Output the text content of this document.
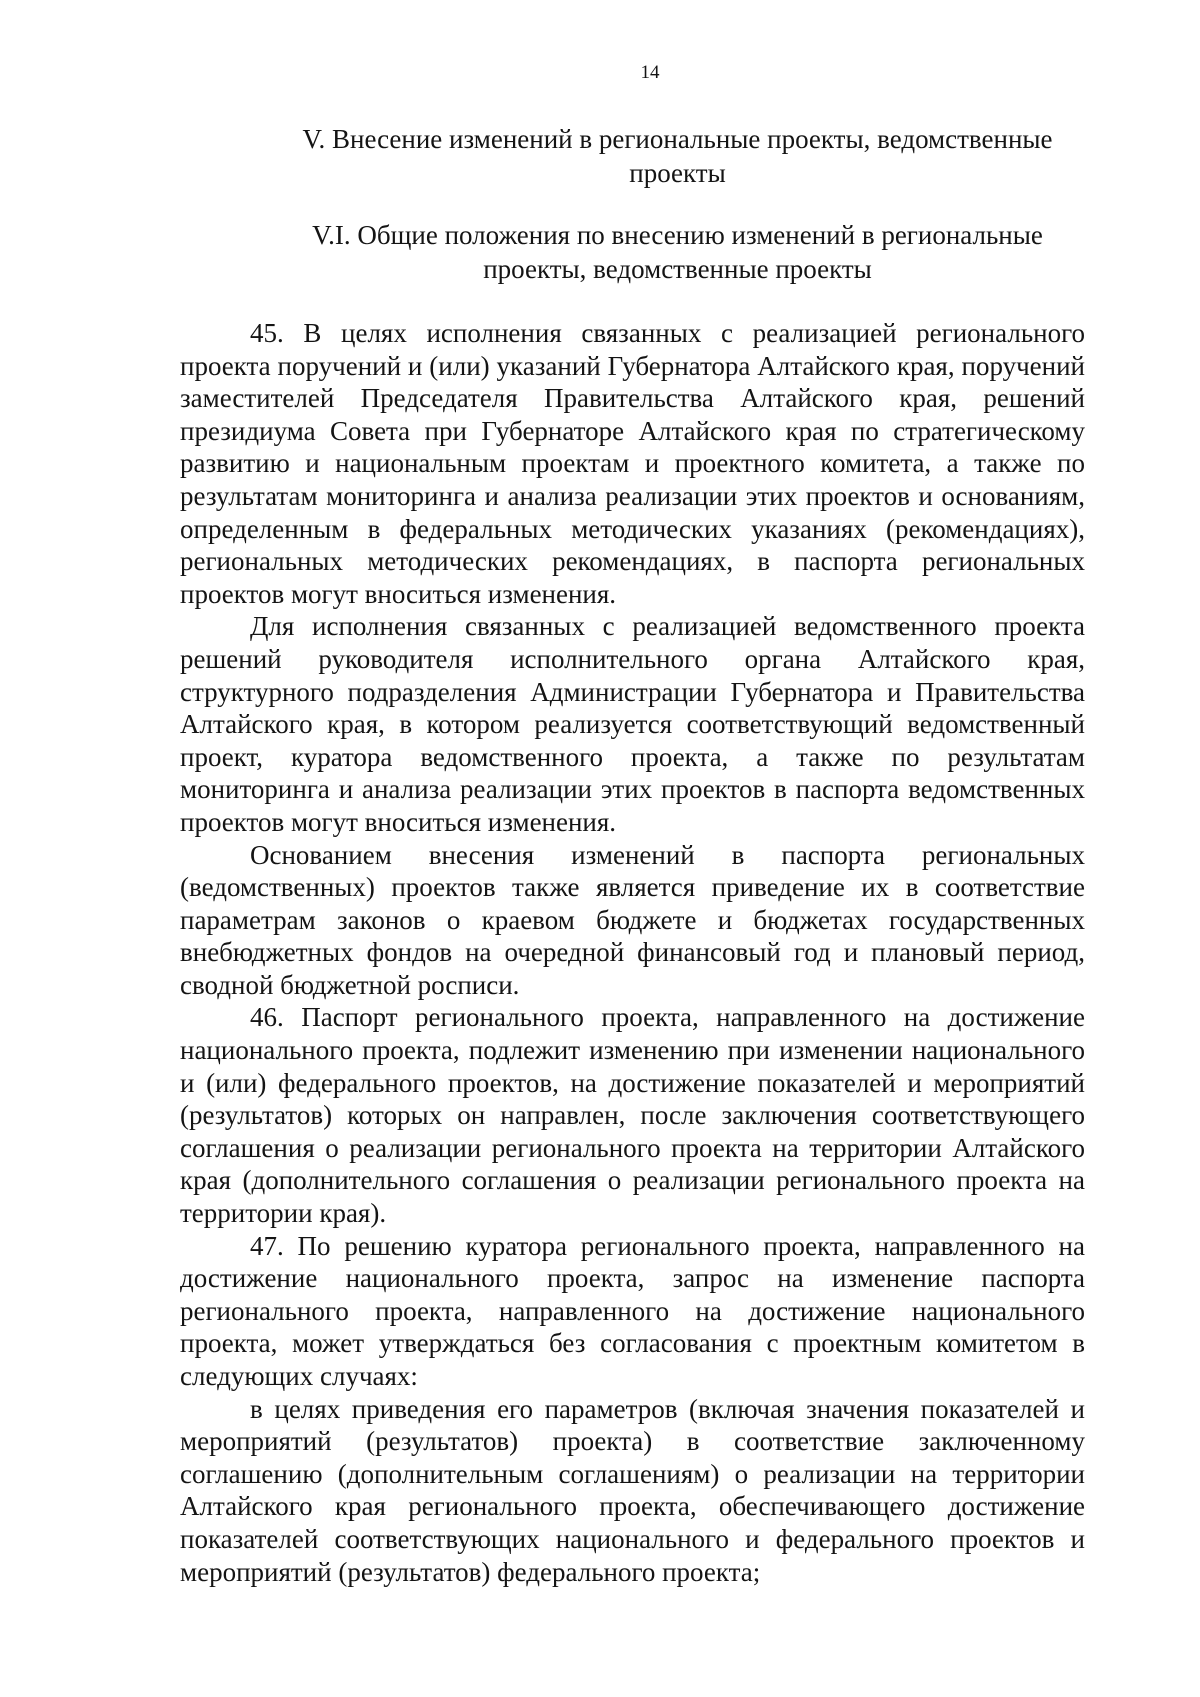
14
V. Внесение изменений в региональные проекты, ведомственные проекты
V.I. Общие положения по внесению изменений в региональные проекты, ведомственные проекты

45. В целях исполнения связанных с реализацией регионального проекта поручений и (или) указаний Губернатора Алтайского края, поручений заместителей Председателя Правительства Алтайского края, решений президиума Совета при Губернаторе Алтайского края по стратегическому развитию и национальным проектам и проектного комитета, а также по результатам мониторинга и анализа реализации этих проектов и основаниям, определенным в федеральных методических указаниях (рекомендациях), региональных методических рекомендациях, в паспорта региональных проектов могут вноситься изменения.

Для исполнения связанных с реализацией ведомственного проекта решений руководителя исполнительного органа Алтайского края, структурного подразделения Администрации Губернатора и Правительства Алтайского края, в котором реализуется соответствующий ведомственный проект, куратора ведомственного проекта, а также по результатам мониторинга и анализа реализации этих проектов в паспорта ведомственных проектов могут вноситься изменения.

Основанием внесения изменений в паспорта региональных (ведомственных) проектов также является приведение их в соответствие параметрам законов о краевом бюджете и бюджетах государственных внебюджетных фондов на очередной финансовый год и плановый период, сводной бюджетной росписи.

46. Паспорт регионального проекта, направленного на достижение национального проекта, подлежит изменению при изменении национального и (или) федерального проектов, на достижение показателей и мероприятий (результатов) которых он направлен, после заключения соответствующего соглашения о реализации регионального проекта на территории Алтайского края (дополнительного соглашения о реализации регионального проекта на территории края).

47. По решению куратора регионального проекта, направленного на достижение национального проекта, запрос на изменение паспорта регионального проекта, направленного на достижение национального проекта, может утверждаться без согласования с проектным комитетом в следующих случаях:

в целях приведения его параметров (включая значения показателей и мероприятий (результатов) проекта) в соответствие заключенному соглашению (дополнительным соглашениям) о реализации на территории Алтайского края регионального проекта, обеспечивающего достижение показателей соответствующих национального и федерального проектов и мероприятий (результатов) федерального проекта;
